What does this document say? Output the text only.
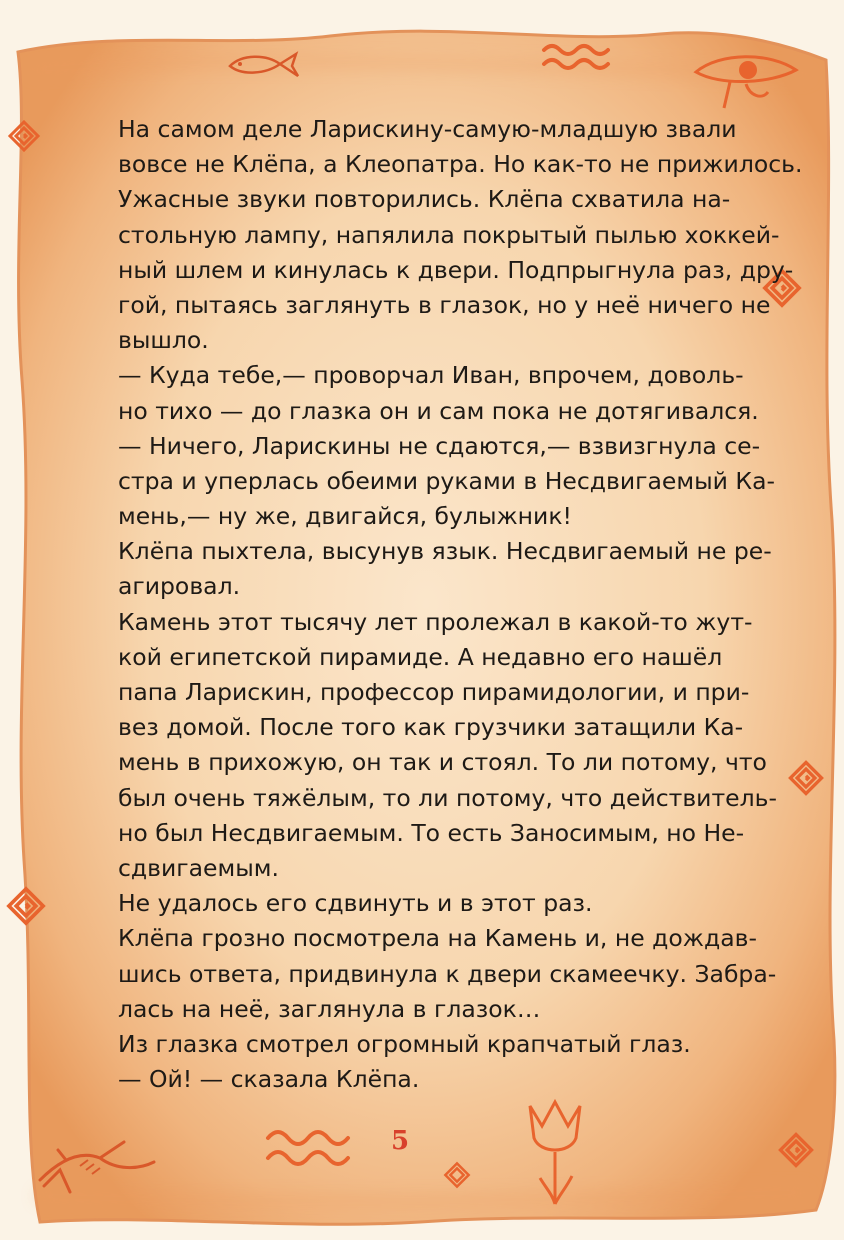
На самом деле Ларискину-самую-младшую звали
вовсе не Клёпа, а Клеопатра. Но как-то не прижилось.
Ужасные звуки повторились. Клёпа схватила на-
стольную лампу, напялила покрытый пылью хоккей-
ный шлем и кинулась к двери. Подпрыгнула раз, дру-
гой, пытаясь заглянуть в глазок, но у неё ничего не
вышло.
— Куда тебе,— проворчал Иван, впрочем, доволь-
но тихо — до глазка он и сам пока не дотягивался.
— Ничего, Ларискины не сдаются,— взвизгнула се-
стра и уперлась обеими руками в Несдвигаемый Ка-
мень,— ну же, двигайся, булыжник!
Клёпа пыхтела, высунув язык. Несдвигаемый не ре-
агировал.
Камень этот тысячу лет пролежал в какой-то жут-
кой египетской пирамиде. А недавно его нашёл
папа Ларискин, профессор пирамидологии, и при-
вез домой. После того как грузчики затащили Ка-
мень в прихожую, он так и стоял. То ли потому, что
был очень тяжёлым, то ли потому, что действитель-
но был Несдвигаемым. То есть Заносимым, но Не-
сдвигаемым.
Не удалось его сдвинуть и в этот раз.
Клёпа грозно посмотрела на Камень и, не дождав-
шись ответа, придвинула к двери скамеечку. Забра-
лась на неё, заглянула в глазок…
Из глазка смотрел огромный крапчатый глаз.
— Ой! — сказала Клёпа.
5
